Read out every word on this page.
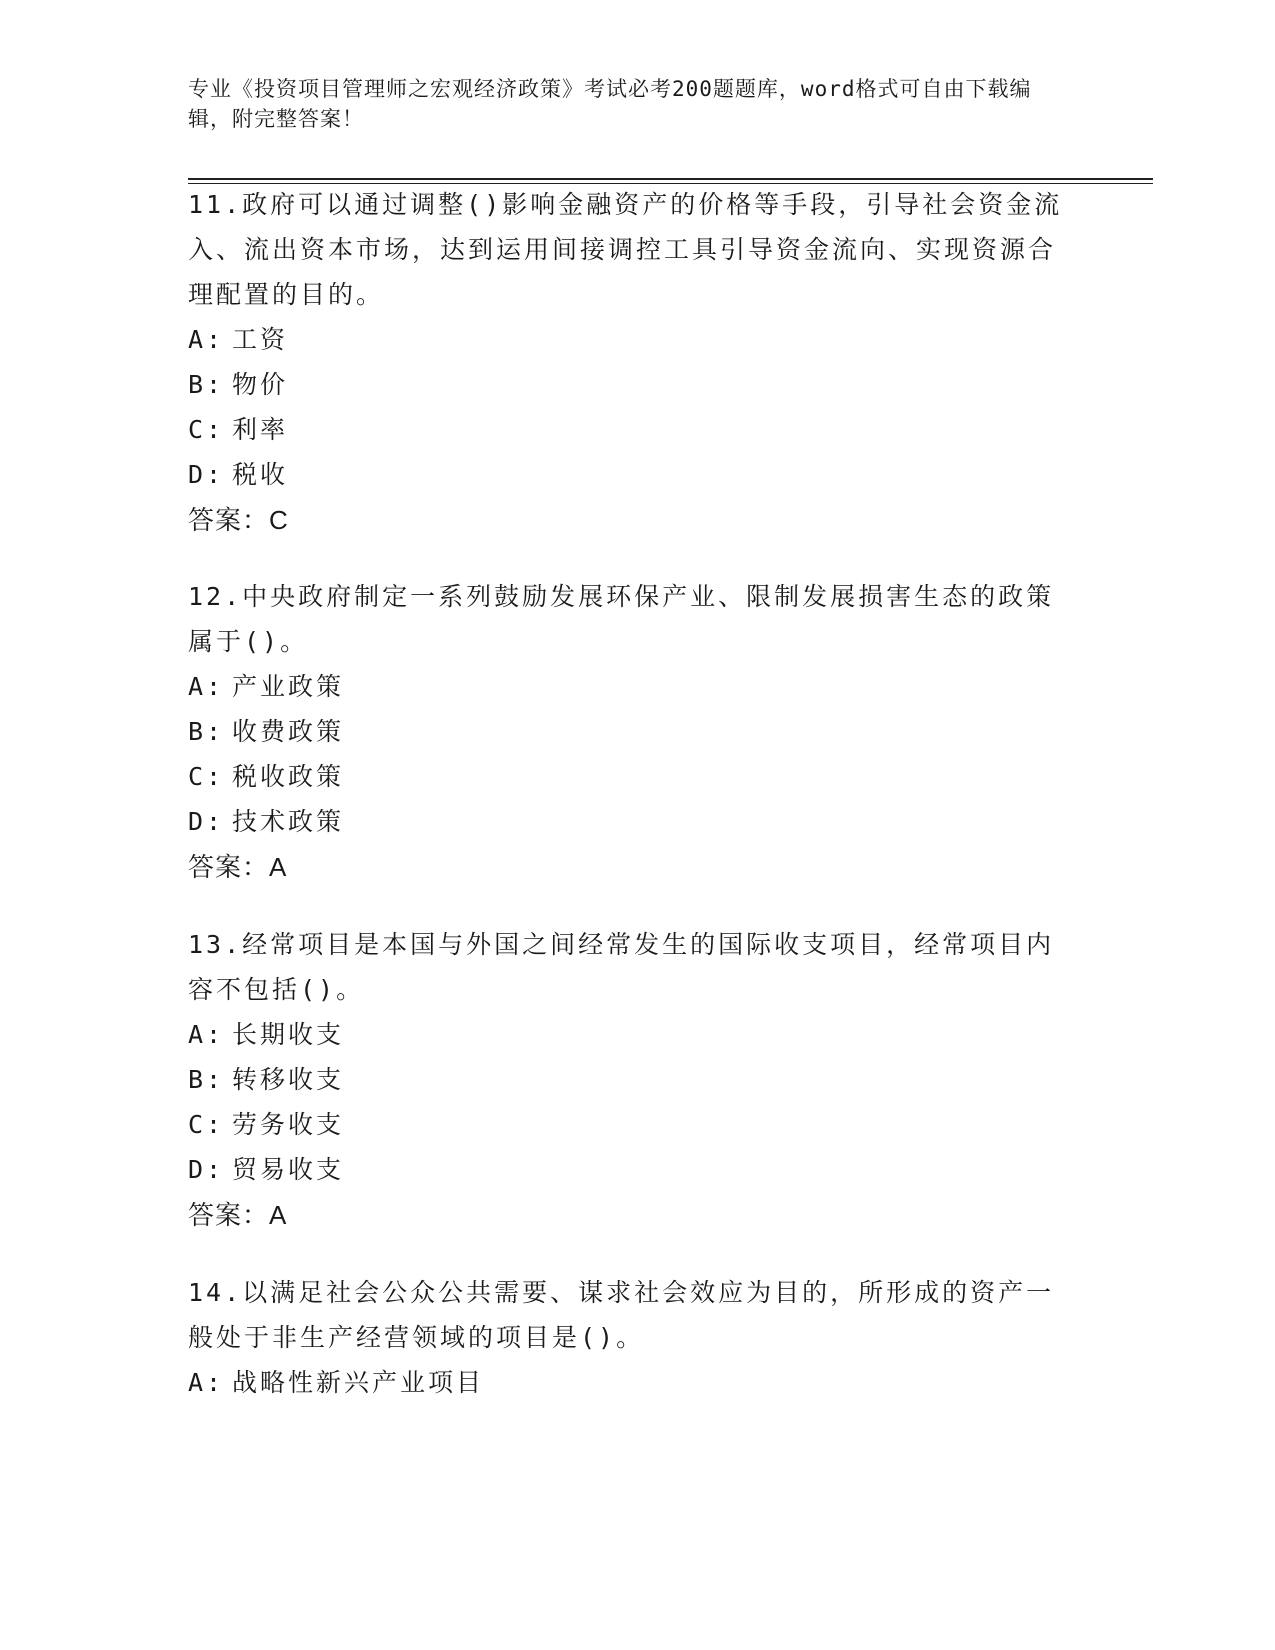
专业《投资项目管理师之宏观经济政策》考试必考200题题库，word格式可自由下载编辑，附完整答案！

11.政府可以通过调整()影响金融资产的价格等手段，引导社会资金流入、流出资本市场，达到运用间接调控工具引导资金流向、实现资源合理配置的目的。

A: 工资

B: 物价

C: 利率

D: 税收

答案：C

12.中央政府制定一系列鼓励发展环保产业、限制发展损害生态的政策属于()。

A: 产业政策

B: 收费政策

C: 税收政策

D: 技术政策

答案：A

13.经常项目是本国与外国之间经常发生的国际收支项目，经常项目内容不包括()。

A: 长期收支

B: 转移收支

C: 劳务收支

D: 贸易收支

答案：A

14.以满足社会公众公共需要、谋求社会效应为目的，所形成的资产一般处于非生产经营领域的项目是()。

A: 战略性新兴产业项目
